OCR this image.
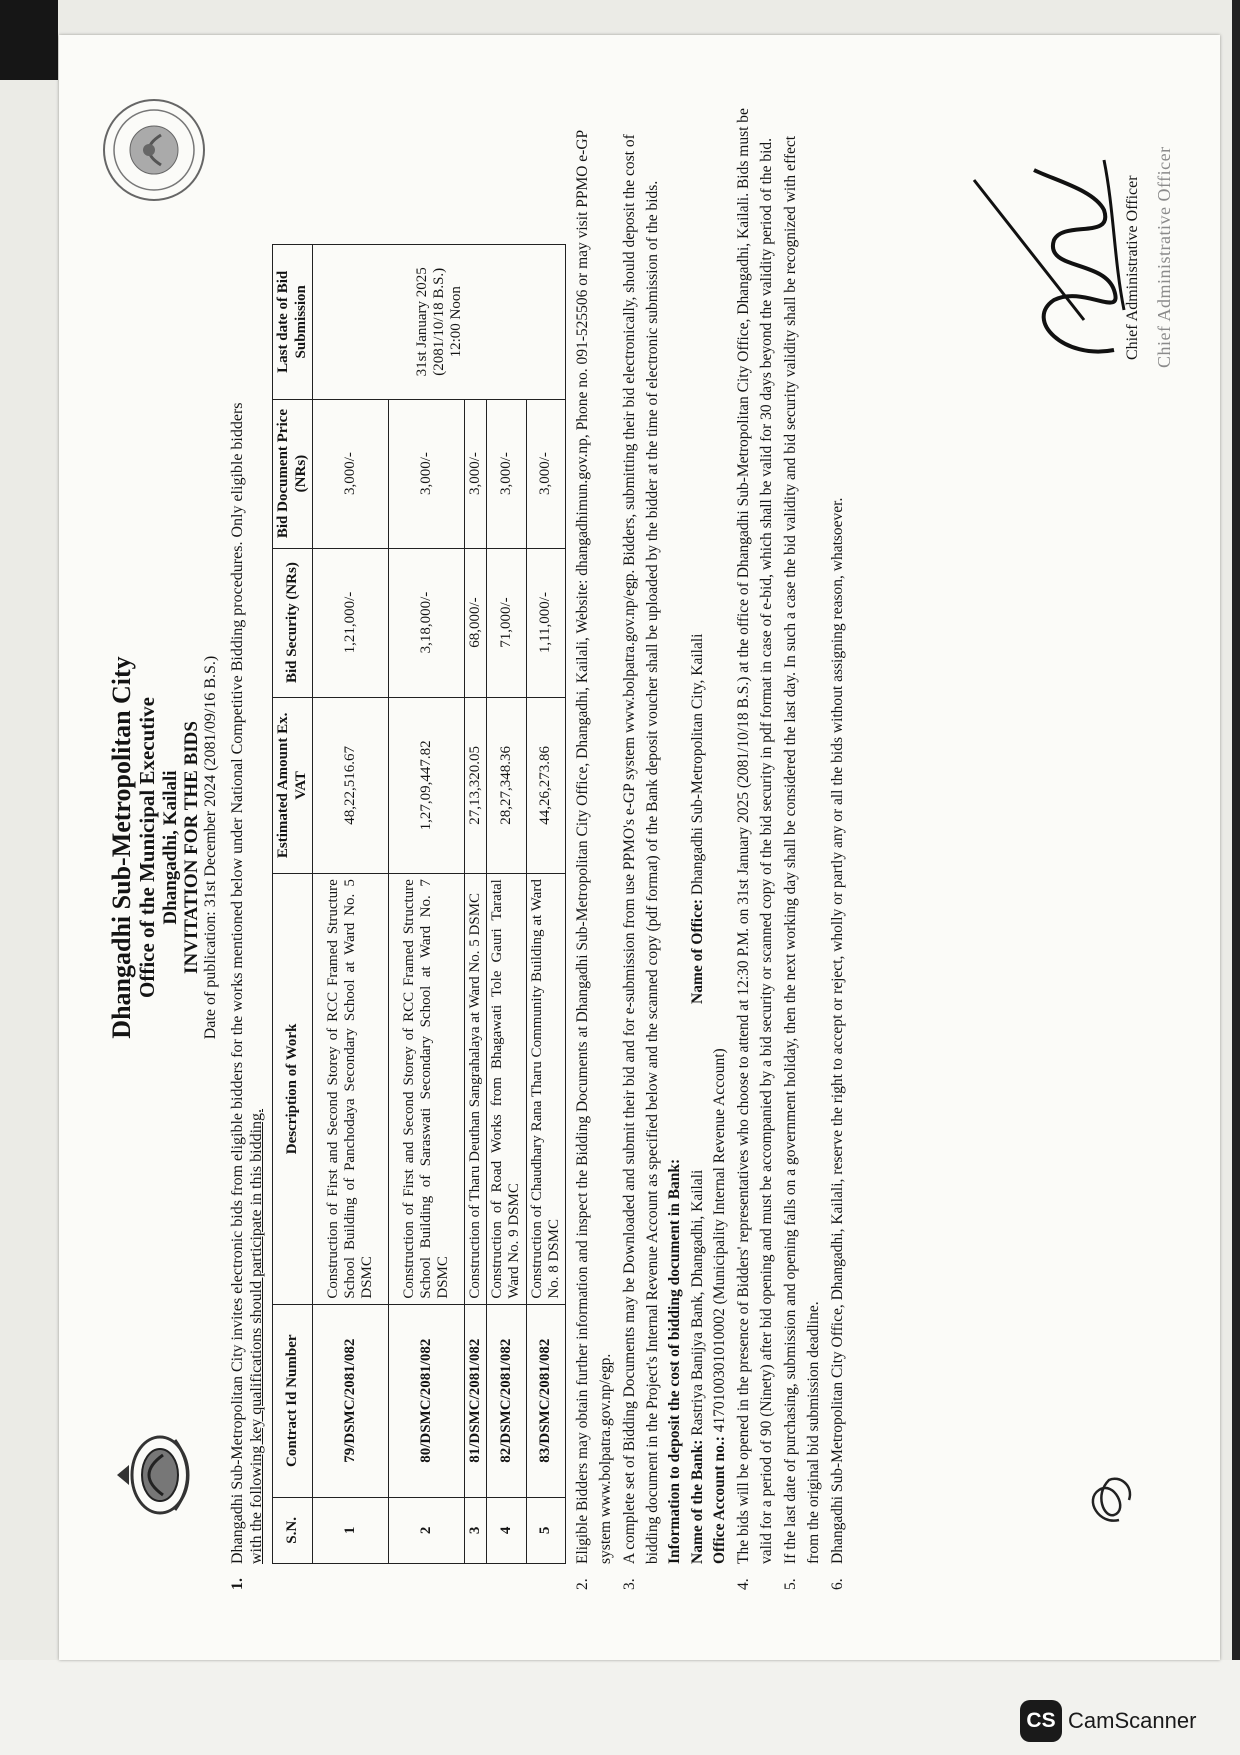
Dhangadhi Sub-Metropolitan City Office of the Municipal Executive Dhangadhi, Kailali INVITATION FOR THE BIDS Date of publication: 31st December 2024 (2081/09/16 B.S.)
1.
Dhangadhi Sub-Metropolitan City invites electronic bids from eligible bidders for the works mentioned below under National Competitive Bidding procedures. Only eligible bidders with the following key qualifications should participate in this bidding. S.N.	Contract Id Number	Description of Work	Estimated Amount Ex. VAT	Bid Security (NRs)	Bid Document Price (NRs)	Last date of Bid Submission
1	79/DSMC/2081/082	Construction of First and Second Storey of RCC Framed Structure School Building of Panchodaya Secondary School at Ward No. 5 DSMC	48,22,516.67	1,21,000/-	3,000/-	31st January 2025 (2081/10/18 B.S.) 12:00 Noon
2	80/DSMC/2081/082	Construction of First and Second Storey of RCC Framed Structure School Building of Saraswati Secondary School at Ward No. 7 DSMC	1,27,09,447.82	3,18,000/-	3,000/-	
3	81/DSMC/2081/082	Construction of Tharu Deuthan Sangrahalaya at Ward No. 5 DSMC	27,13,320.05	68,000/-	3,000/-	
4	82/DSMC/2081/082	Construction of Road Works from Bhagawati Tole Gauri Taratal Ward No. 9 DSMC	28,27,348.36	71,000/-	3,000/-	
5	83/DSMC/2081/082	Construction of Chaudhary Rana Tharu Community Building at Ward No. 8 DSMC	44,26,273.86	1,11,000/-	3,000/-	
2.
Eligible Bidders may obtain further information and inspect the Bidding Documents at Dhangadhi Sub-Metropolitan City Office, Dhangadhi, Kailali, Website: dhangadhimun.gov.np, Phone no. 091-525506 or may visit PPMO e-GP system www.bolpatra.gov.np/egp.
3.
A complete set of Bidding Documents may be Downloaded and submit their bid and for e-submission from use PPMO's e-GP system www.bolpatra.gov.np/egp. Bidders, submitting their bid electronically, should deposit the cost of bidding document in the Project's Internal Revenue Account as specified below and the scanned copy (pdf format) of the Bank deposit voucher shall be uploaded by the bidder at the time of electronic submission of the bids. Information to deposit the cost of bidding document in Bank: Name of the Bank: Rastriya Banijya Bank, Dhangadhi, Kailali
Name of Office: Dhangadhi Sub-Metropolitan City, Kailali
Office Account no.: 4170100301010002 (Municipality Internal Revenue Account)
4.
The bids will be opened in the presence of Bidders' representatives who choose to attend at 12:30 P.M. on 31st January 2025 (2081/10/18 B.S.) at the office of Dhangadhi Sub-Metropolitan City Office, Dhangadhi, Kailali. Bids must be valid for a period of 90 (Ninety) after bid opening and must be accompanied by a bid security or scanned copy of the bid security in pdf format in case of e-bid, which shall be valid for 30 days beyond the validity period of the bid.
5.
If the last date of purchasing, submission and opening falls on a government holiday, then the next working day shall be considered the last day. In such a case the bid validity and bid security validity shall be recognized with effect from the original bid submission deadline.
6.
Dhangadhi Sub-Metropolitan City Office, Dhangadhi, Kailali, reserve the right to accept or reject, wholly or partly any or all the bids without assigning reason, whatsoever.
Chief Administrative Officer Chief Administrative Officer
CS CamScanner
